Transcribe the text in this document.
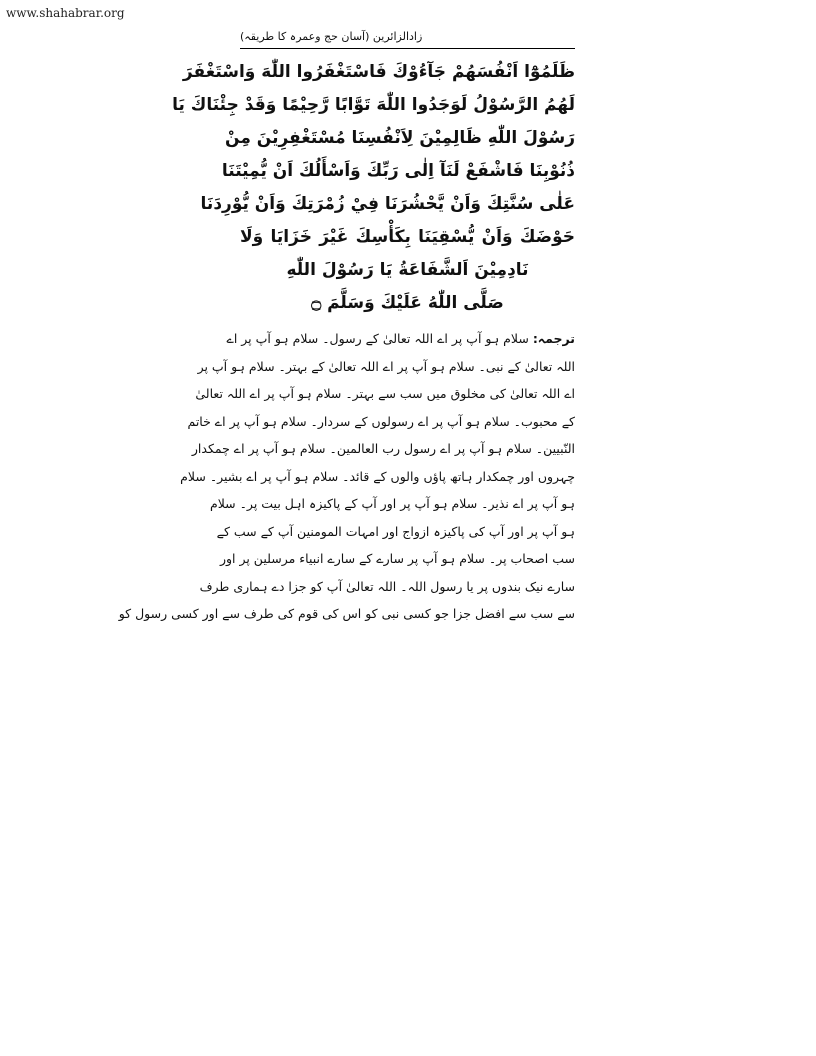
www.shahabrar.org
زادالزائرین (آسان حج وعمرہ کا طریقہ)
ظَلَمُوْٓا اَنْفُسَهُمْ جَآءُوْكَ فَاسْتَغْفَرُوا اللّٰهَ وَاسْتَغْفَرَ
لَهُمُ الرَّسُوْلُ لَوَجَدُوا اللّٰهَ تَوَّابًا رَّحِيْمًا وَقَدْ جِئْنَاكَ يَا
رَسُوْلَ اللّٰهِ ظَالِمِيْنَ لِاَنْفُسِنَا مُسْتَغْفِرِيْنَ مِنْ
ذُنُوْبِنَا فَاشْفَعْ لَنَآ اِلٰى رَبِّكَ وَاَسْأَلُكَ اَنْ يُّمِيْتَنَا
عَلٰى سُنَّتِكَ وَاَنْ يَّحْشُرَنَا فِيْ زُمْرَتِكَ وَاَنْ يُّوْرِدَنَا
حَوْضَكَ وَاَنْ يُّسْقِيَنَا بِكَأْسِكَ غَيْرَ خَزَايَا وَلَا
نَادِمِيْنَ اَلشَّفَاعَةُ يَا رَسُوْلَ اللّٰهِ
صَلَّى اللّٰهُ عَلَيْكَ وَسَلَّمَ ۝
ترجمہ: سلام ہو آپ پر اے اللہ تعالیٰ کے رسول۔ سلام ہو آپ پر اے
اللہ تعالیٰ کے نبی۔ سلام ہو آپ پر اے اللہ تعالیٰ کے بہتر۔ سلام ہو آپ پر
اے اللہ تعالیٰ کی مخلوق میں سب سے بہتر۔ سلام ہو آپ پر اے اللہ تعالیٰ
کے محبوب۔ سلام ہو آپ پر اے رسولوں کے سردار۔ سلام ہو آپ پر اے خاتم
النّبیین۔ سلام ہو آپ پر اے رسول رب العالمین۔ سلام ہو آپ پر اے چمکدار
چہروں اور چمکدار ہاتھ پاؤں والوں کے قائد۔ سلام ہو آپ پر اے بشیر۔ سلام
ہو آپ پر اے نذیر۔ سلام ہو آپ پر اور آپ کے پاکیزہ اہل بیت پر۔ سلام
ہو آپ پر اور آپ کی پاکیزہ ازواج اور امہات المومنین آپ کے سب کے
سب اصحاب پر۔ سلام ہو آپ پر سارے کے سارے انبیاء مرسلین پر اور
سارے نیک بندوں پر یا رسول اللہ۔ اللہ تعالیٰ آپ کو جزا دے ہماری طرف
سے سب سے افضل جزا جو کسی نبی کو اس کی قوم کی طرف سے اور کسی رسول کو
